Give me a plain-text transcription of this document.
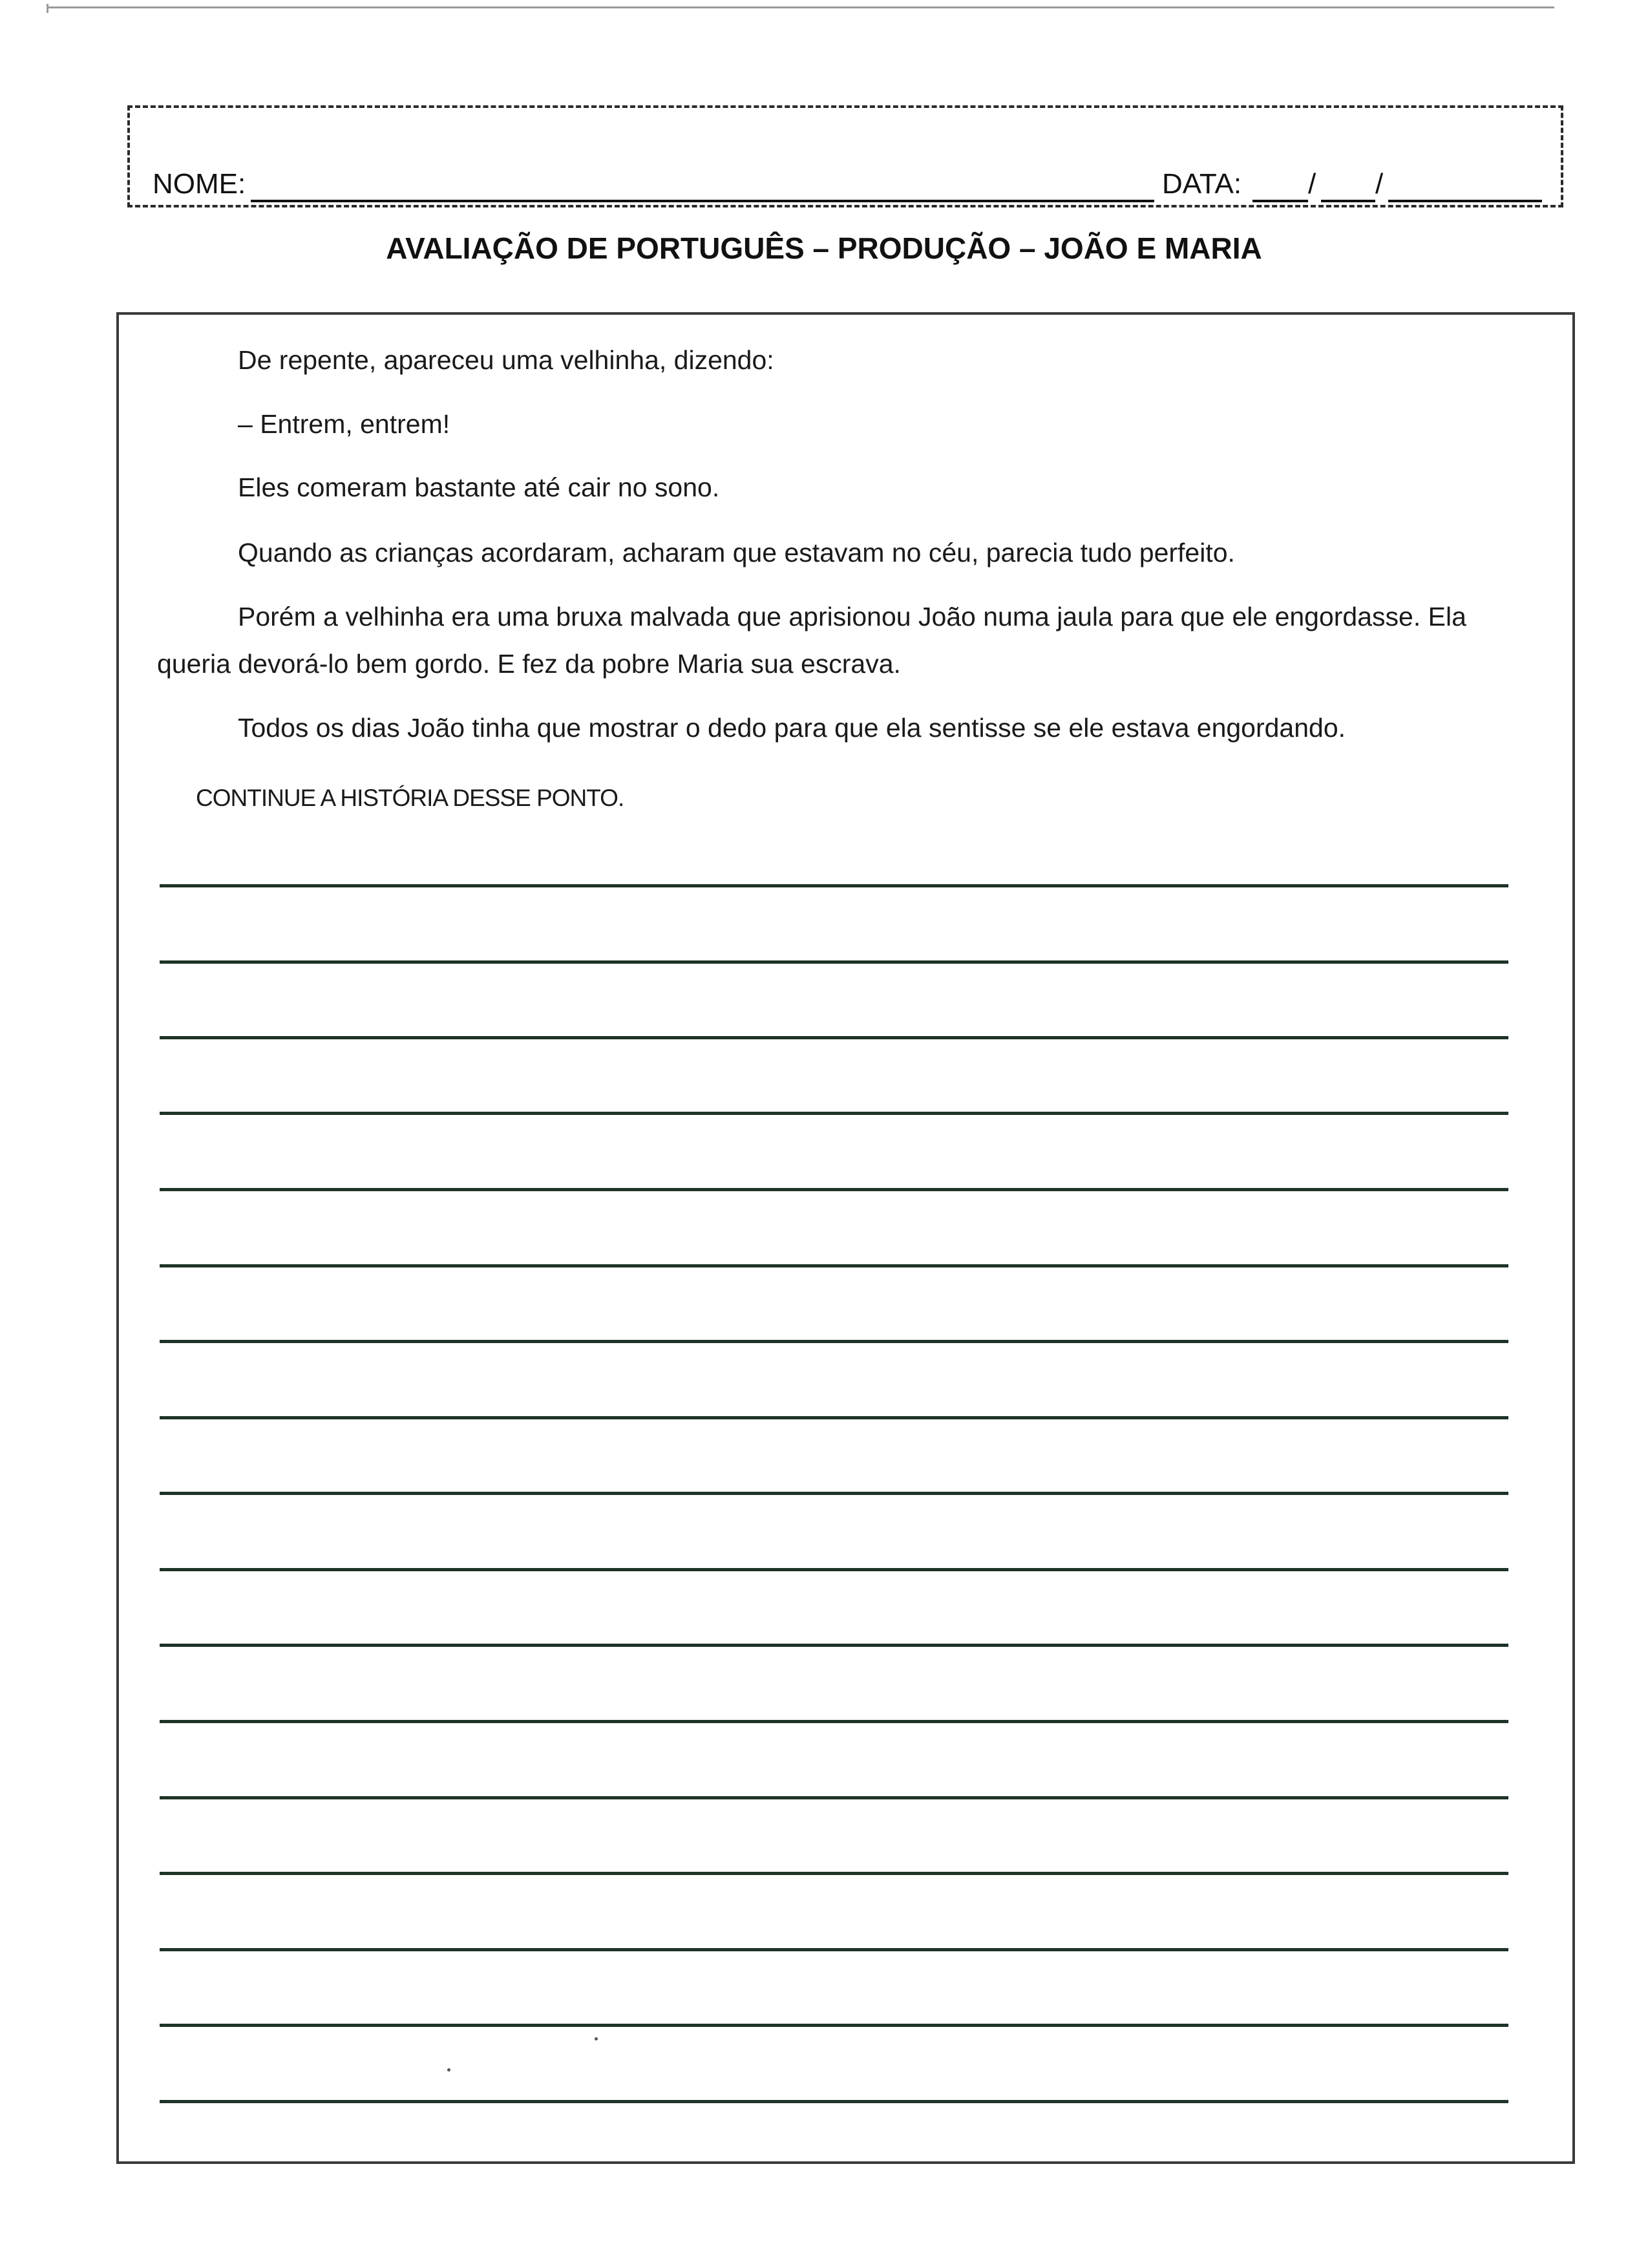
NOME:	DATA: / /
AVALIAÇÃO DE PORTUGUÊS – PRODUÇÃO – JOÃO E MARIA

De repente, apareceu uma velhinha, dizendo:

– Entrem, entrem!

Eles comeram bastante até cair no sono.

Quando as crianças acordaram, acharam que estavam no céu, parecia tudo perfeito.

Porém a velhinha era uma bruxa malvada que aprisionou João numa jaula para que ele engordasse. Ela queria devorá-lo bem gordo. E fez da pobre Maria sua escrava.

Todos os dias João tinha que mostrar o dedo para que ela sentisse se ele estava engordando.

CONTINUE A HISTÓRIA DESSE PONTO.
